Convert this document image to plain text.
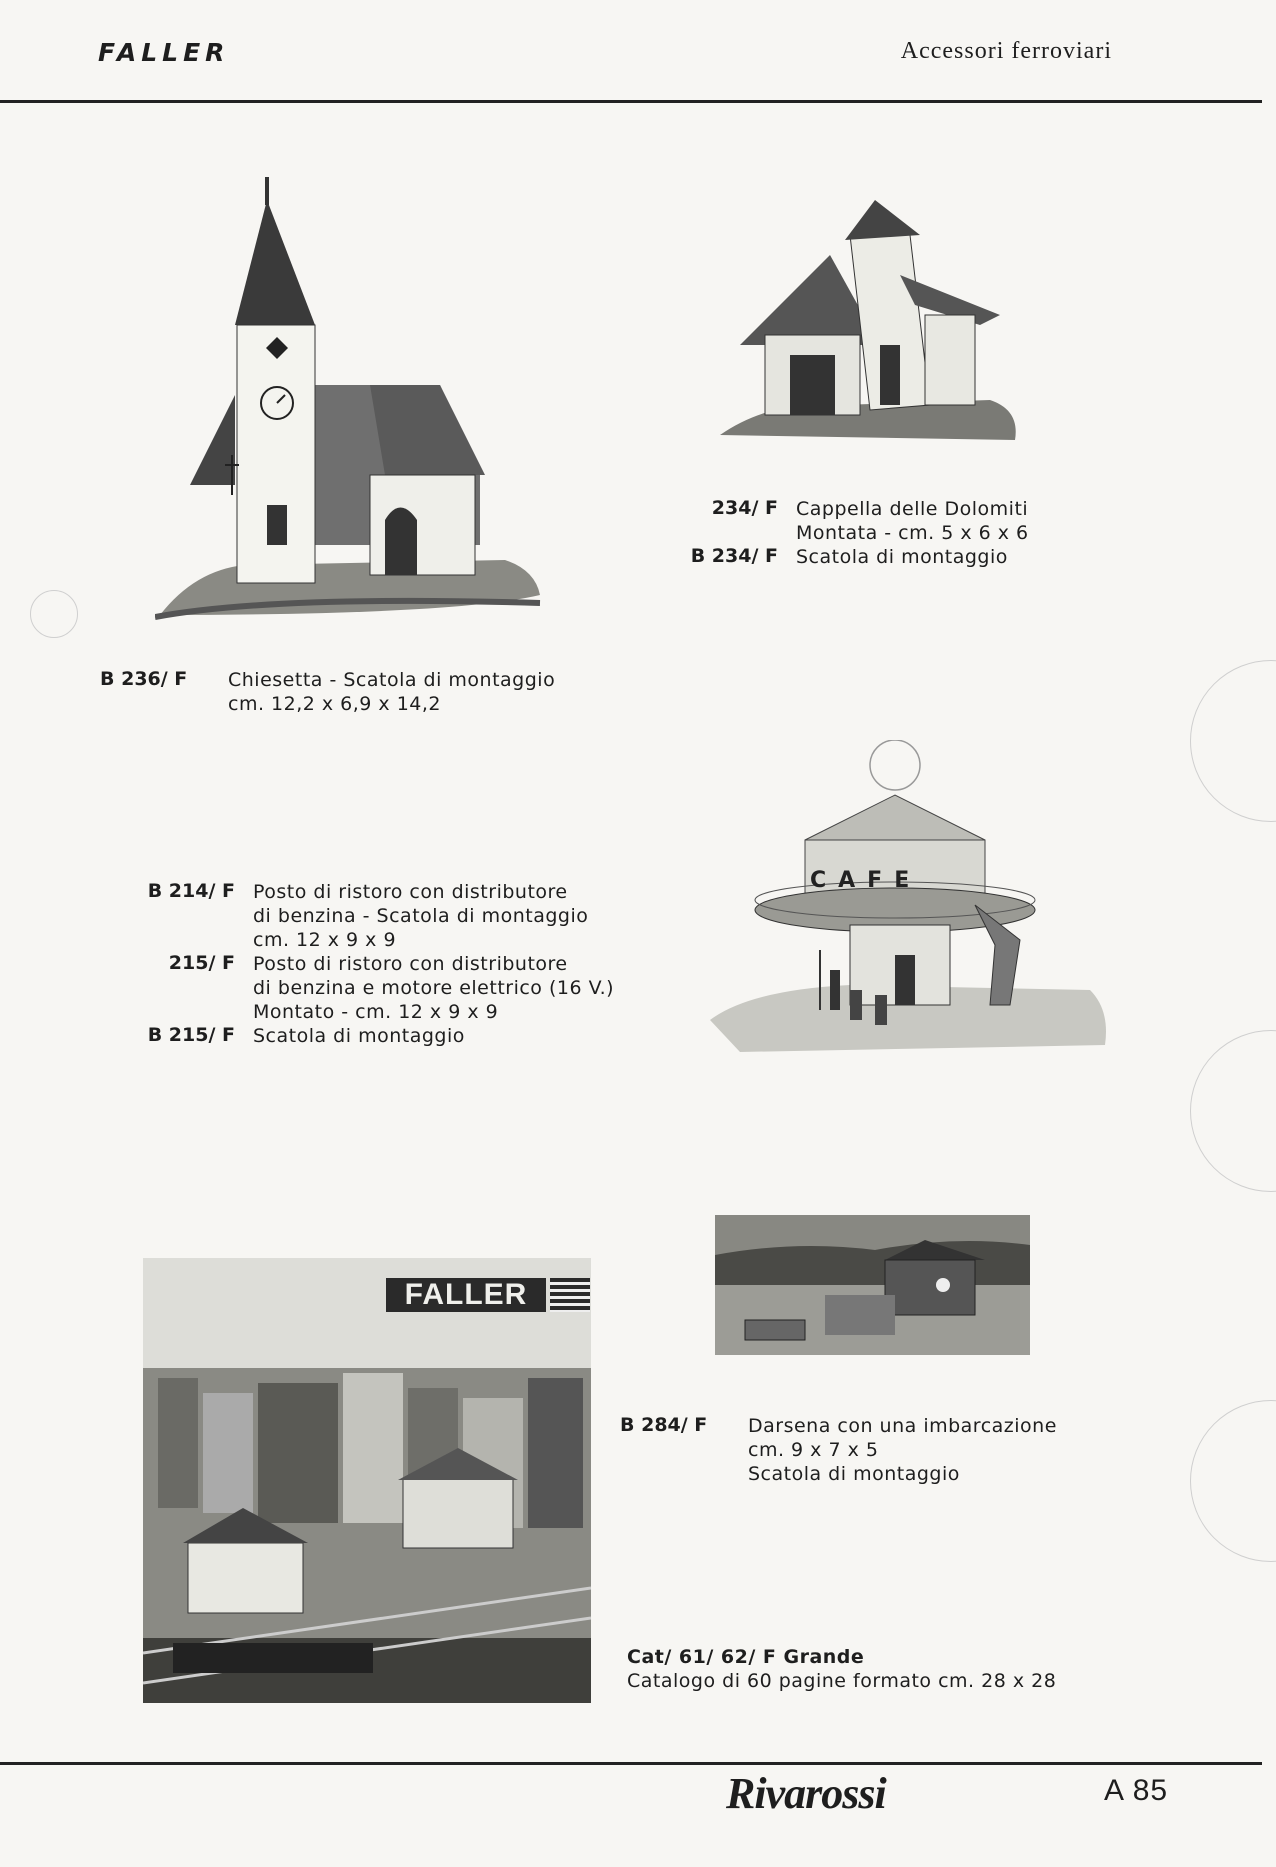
FALLER	Accessori ferroviari
234/ F Cappella delle Dolomiti
Montata - cm. 5 x 6 x 6
B 234/ F Scatola di montaggio
B 236/ F	Chiesetta - Scatola di montaggio
cm. 12,2 x 6,9 x 14,2
B 214/ F Posto di ristoro con distributore
di benzina - Scatola di montaggio
cm. 12 x 9 x 9
215/ F Posto di ristoro con distributore
di benzina e motore elettrico (16 V.)
Montato - cm. 12 x 9 x 9
B 215/ F Scatola di montaggio
CAFE
B 284/ F	Darsena con una imbarcazione
cm. 9 x 7 x 5
Scatola di montaggio
FALLER
Cat/ 61/ 62/ F Grande
Catalogo di 60 pagine formato cm. 28 x 28
Rivarossi	A 85
